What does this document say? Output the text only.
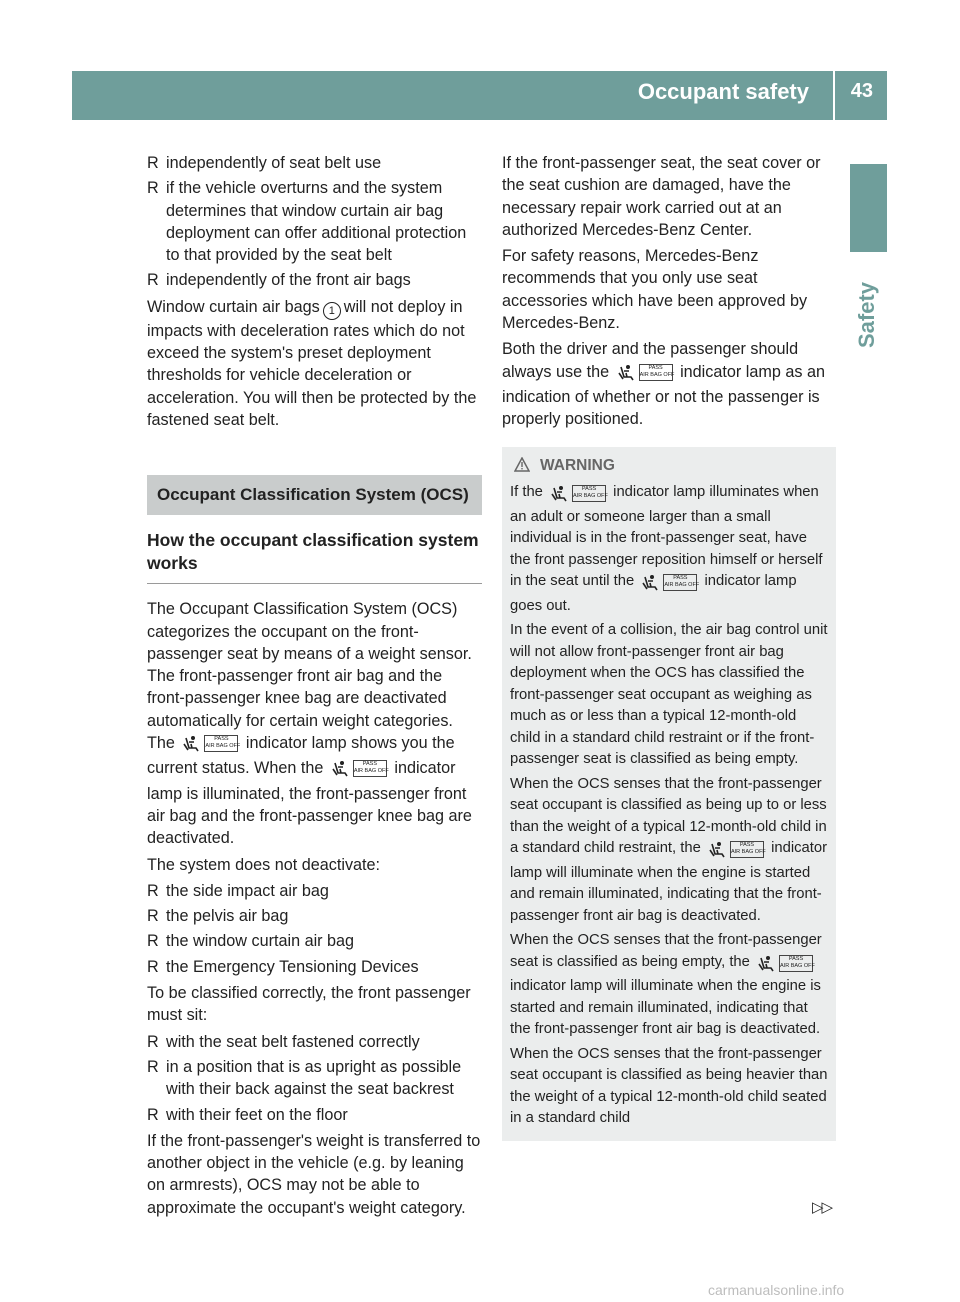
Occupant safety 43
Safety
R independently of seat belt use
R if the vehicle overturns and the system determines that window curtain air bag deployment can offer additional protection to that provided by the seat belt
R independently of the front air bags

Window curtain air bags 1 will not deploy in impacts with deceleration rates which do not exceed the system's preset deployment thresholds for vehicle deceleration or acceleration. You will then be protected by the fastened seat belt.

Occupant Classification System (OCS)
How the occupant classification system works

The Occupant Classification System (OCS) categorizes the occupant on the front-passenger seat by means of a weight sensor. The front-passenger front air bag and the front-passenger knee bag are deactivated automatically for certain weight categories. The	PASS
AIR BAG OFF indicator lamp shows you the current status. When the	PASS
AIR BAG OFF indicator lamp is illuminated, the front-passenger front air bag and the front-passenger knee bag are deactivated.

The system does not deactivate:

R the side impact air bag
R the pelvis air bag
R the window curtain air bag
R the Emergency Tensioning Devices

To be classified correctly, the front passenger must sit:

R with the seat belt fastened correctly
R in a position that is as upright as possible with their back against the seat backrest
R with their feet on the floor

If the front-passenger's weight is transferred to another object in the vehicle (e.g. by leaning on armrests), OCS may not be able to approximate the occupant's weight category.

If the front-passenger seat, the seat cover or the seat cushion are damaged, have the necessary repair work carried out at an authorized Mercedes-Benz Center.

For safety reasons, Mercedes-Benz recommends that you only use seat accessories which have been approved by Mercedes-Benz.

Both the driver and the passenger should always use the	PASS
AIR BAG OFF indicator lamp as an indication of whether or not the passenger is properly positioned.

WARNING

If the	PASS
AIR BAG OFF indicator lamp illuminates when an adult or someone larger than a small individual is in the front-passenger seat, have the front passenger reposition himself or herself in the seat until the	PASS
AIR BAG OFF indicator lamp goes out.

In the event of a collision, the air bag control unit will not allow front-passenger front air bag deployment when the OCS has classified the front-passenger seat occupant as weighing as much as or less than a typical 12-month-old child in a standard child restraint or if the front-passenger seat is classified as being empty.

When the OCS senses that the front-passenger seat occupant is classified as being up to or less than the weight of a typical 12-month-old child in a standard child restraint, the	PASS
AIR BAG OFF indicator lamp will illuminate when the engine is started and remain illuminated, indicating that the front-passenger front air bag is deactivated.

When the OCS senses that the front-passenger seat is classified as being empty, the	PASS
AIR BAG OFF
indicator lamp will illuminate when the engine is started and remain illuminated, indicating that the front-passenger front air bag is deactivated.

When the OCS senses that the front-passenger seat occupant is classified as being heavier than the weight of a typical 12-month-old child seated in a standard child

▷▷
carmanualsonline.info
